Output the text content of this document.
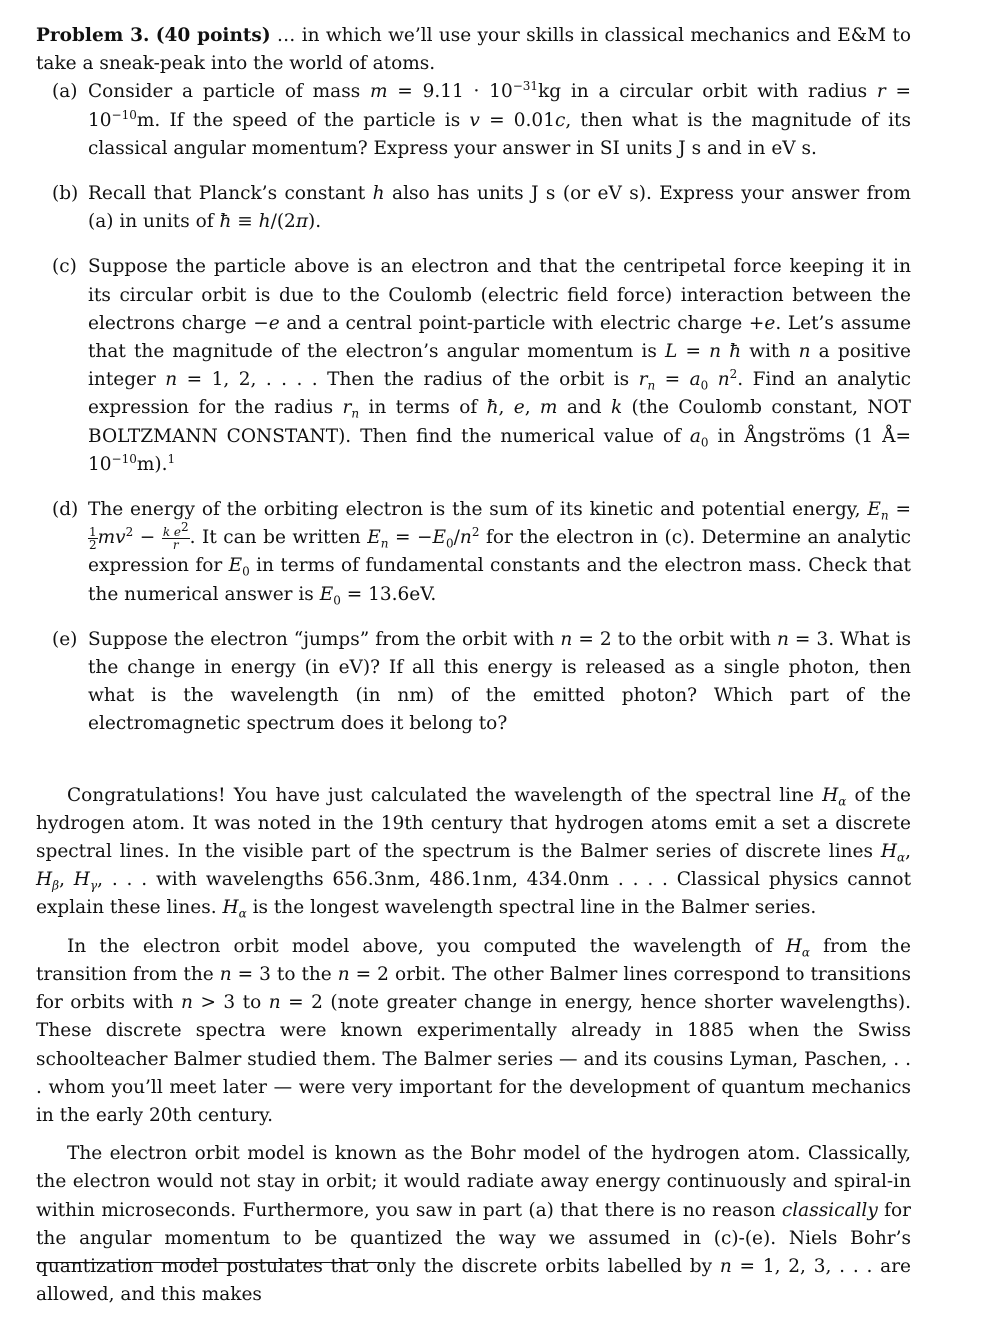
Problem 3. (40 points) … in which we’ll use your skills in classical mechanics and E&M to take a sneak-peak into the world of atoms.

(a) Consider a particle of mass $m = 9.11 \cdot 10^{-31}kg$ in a circular orbit with radius $r = 10^{-10}m$. If the speed of the particle is v = 0.01c, then what is the magnitude of its classical angular momentum? Express your answer in SI units J s and in eV s.
(b) Recall that Planck’s constant h also has units J s (or eV s). Express your answer from (a) in units of ħ ≡ h/(2π).
(c) Suppose the particle above is an electron and that the centripetal force keeping it in its circular orbit is due to the Coulomb (electric field force) interaction between the electrons charge −e and a central point-particle with electric charge +e. Let’s assume that the magnitude of the electron’s angular momentum is L = n ħ with n a positive integer n = 1, 2, . . . . Then the radius of the orbit is $r_n = a_0$ $n^2$. Find an analytic expression for the radius $r_n$ in terms of ħ, e, m and k (the Coulomb constant, NOT BOLTZMANN CONSTANT). Then find the numerical value of $a_0$ in Ångströms (1 Å= $10^{-10}m).^1$
(d) The energy of the orbiting electron is the sum of its kinetic and potential energy, $E_n$ =
$\frac{1}{2} mv^2 - \frac{k e^2}{r}$ . It can be written $E_n = -E_0/n^2$ for the electron in (c). Determine an analytic expression for $E_0$ in terms of fundamental constants and the electron mass. Check that the numerical answer is $E_0 = 13.6eV$.
(e) Suppose the electron “jumps” from the orbit with n = 2 to the orbit with n = 3. What is the change in energy (in eV)? If all this energy is released as a single photon, then what is the wavelength (in nm) of the emitted photon? Which part of the electromagnetic spectrum does it belong to?

Congratulations! You have just calculated the wavelength of the spectral line $H_\alpha$ of the hydrogen atom. It was noted in the 19th century that hydrogen atoms emit a set a discrete spectral lines. In the visible part of the spectrum is the Balmer series of discrete lines $H_\alpha$, $H_\beta$, $H_\gamma$, . . . with wavelengths 656.3nm, 486.1nm, 434.0nm . . . . Classical physics cannot explain these lines. $H_\alpha$ is the longest wavelength spectral line in the Balmer series.

In the electron orbit model above, you computed the wavelength of $H_\alpha$ from the transition from the n = 3 to the n = 2 orbit. The other Balmer lines correspond to transitions for orbits with n > 3 to n = 2 (note greater change in energy, hence shorter wavelengths). These discrete spectra were known experimentally already in 1885 when the Swiss schoolteacher Balmer studied them. The Balmer series — and its cousins Lyman, Paschen, . . . whom you’ll meet later — were very important for the development of quantum mechanics in the early 20th century.

The electron orbit model is known as the Bohr model of the hydrogen atom. Classically, the electron would not stay in orbit; it would radiate away energy continuously and spiral-in within microseconds. Furthermore, you saw in part (a) that there is no reason classically for the angular momentum to be quantized the way we assumed in (c)-(e). Niels Bohr’s quantization model postulates that only the discrete orbits labelled by n = 1, 2, 3, . . . are allowed, and this makes
